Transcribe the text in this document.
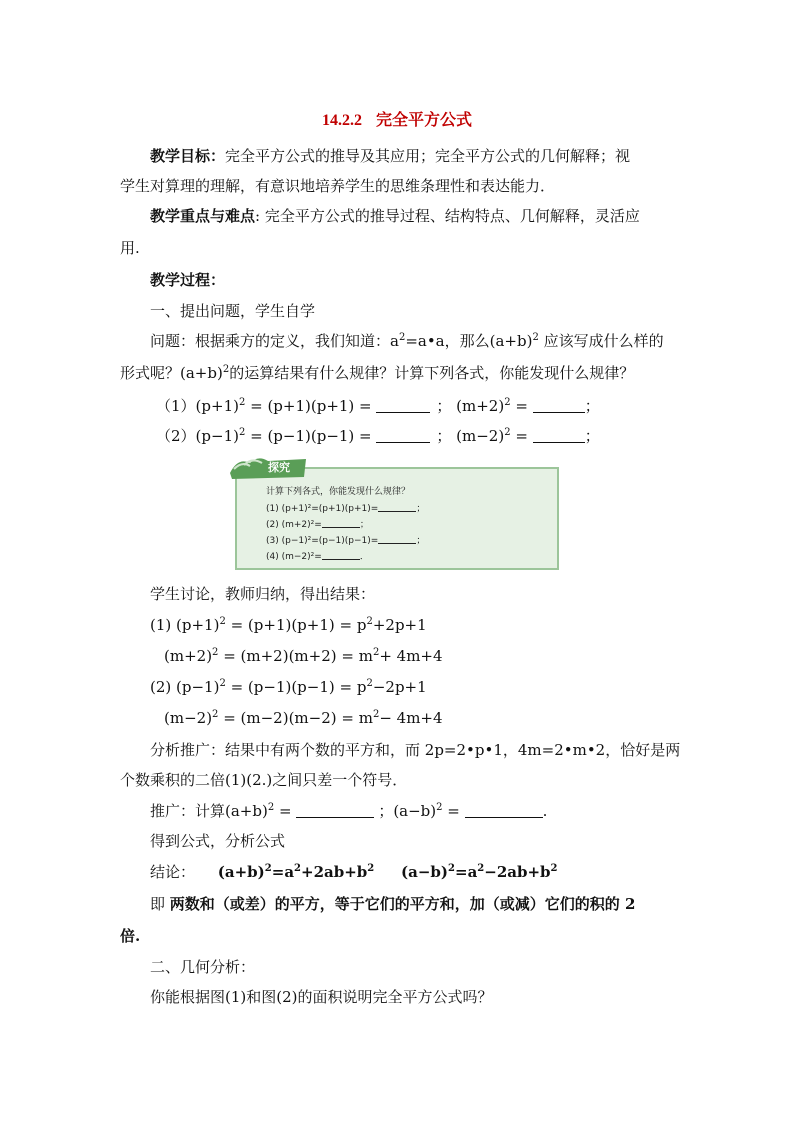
14.2.2 完全平方公式
教学目标：完全平方公式的推导及其应用；完全平方公式的几何解释；视
学生对算理的理解，有意识地培养学生的思维条理性和表达能力．
教学重点与难点: 完全平方公式的推导过程、结构特点、几何解释，灵活应
用.
教学过程：
一、提出问题，学生自学
问题：根据乘方的定义，我们知道：$a^2=a•a$，那么$(a+b)^2$ 应该写成什么样的
形式呢？$(a+b)^2$的运算结果有什么规律？计算下列各式，你能发现什么规律？
$(1)(p+1)^2 = (p+1)(p+1)$ =	； $(m+2)^2$ =	；
$(2)(p-1)^2 = (p-1)(p-1)$ =	； $(m-2)^2$ =	；
探究
计算下列各式，你能发现什么规律？
(1) (p+1)²=(p+1)(p+1)=	；
(2) (m+2)²=	；
(3) (p−1)²=(p−1)(p−1)=	；
(4) (m−2)²=	．
学生讨论，教师归纳，得出结果：
(1) $(p+1)^2 = (p+1)(p+1) = p^2+2p+1$
$(m+2)^2 = (m+2)(m+2) = m^2+ 4m+4$
(2) $(p-1)^2 = (p-1)(p-1) = p^2-2p+1$
$(m-2)^2 = (m-2)(m-2) = m^2- 4m+4$
分析推广：结果中有两个数的平方和，而 2p=2•p•1，4m=2•m•2，恰好是两
个数乘积的二倍(1)(2.)之间只差一个符号．
推广：计算$(a+b)^2$ =	；$(a-b)^2$ =	.
得到公式，分析公式
结论： $(a+b)^2=a^2+2ab+b^2$ $(a-b)^2=a^2-2ab+b^2$
即 两数和（或差）的平方，等于它们的平方和，加（或减）它们的积的 2
倍.
二、几何分析：
你能根据图(1)和图(2)的面积说明完全平方公式吗？
